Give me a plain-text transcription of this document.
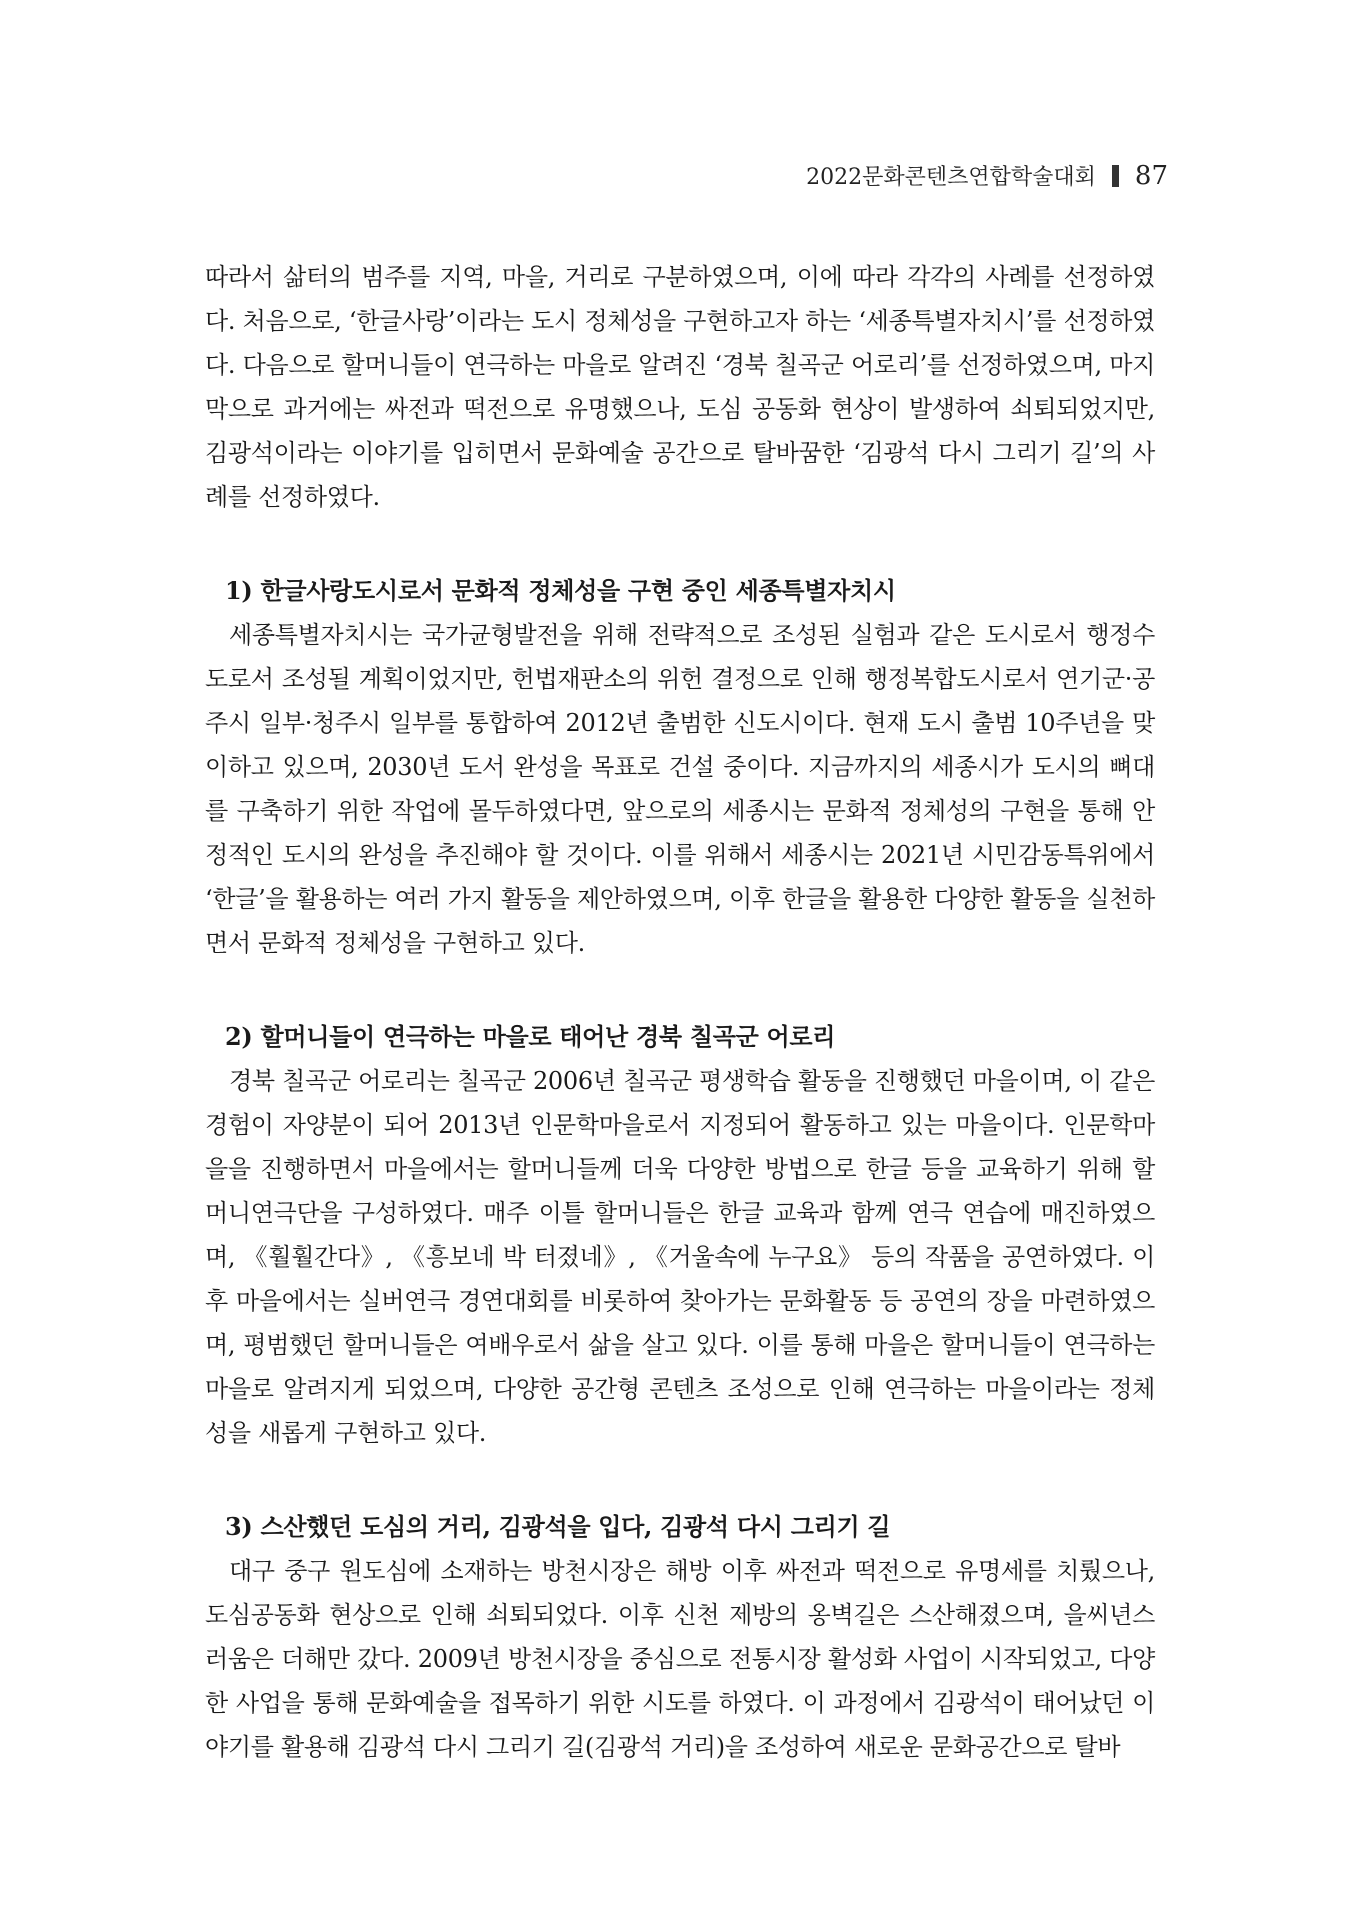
2022문화콘텐츠연합학술대회 87

따라서 삶터의 범주를 지역, 마을, 거리로 구분하였으며, 이에 따라 각각의 사례를 선정하였다. 처음으로, ‘한글사랑’이라는 도시 정체성을 구현하고자 하는 ‘세종특별자치시’를 선정하였다. 다음으로 할머니들이 연극하는 마을로 알려진 ‘경북 칠곡군 어로리’를 선정하였으며, 마지막으로 과거에는 싸전과 떡전으로 유명했으나, 도심 공동화 현상이 발생하여 쇠퇴되었지만, 김광석이라는 이야기를 입히면서 문화예술 공간으로 탈바꿈한 ‘김광석 다시 그리기 길’의 사례를 선정하였다.

1) 한글사랑도시로서 문화적 정체성을 구현 중인 세종특별자치시

세종특별자치시는 국가균형발전을 위해 전략적으로 조성된 실험과 같은 도시로서 행정수도로서 조성될 계획이었지만, 헌법재판소의 위헌 결정으로 인해 행정복합도시로서 연기군·공주시 일부·청주시 일부를 통합하여 2012년 출범한 신도시이다. 현재 도시 출범 10주년을 맞이하고 있으며, 2030년 도서 완성을 목표로 건설 중이다. 지금까지의 세종시가 도시의 뼈대를 구축하기 위한 작업에 몰두하였다면, 앞으로의 세종시는 문화적 정체성의 구현을 통해 안정적인 도시의 완성을 추진해야 할 것이다. 이를 위해서 세종시는 2021년 시민감동특위에서 ‘한글’을 활용하는 여러 가지 활동을 제안하였으며, 이후 한글을 활용한 다양한 활동을 실천하면서 문화적 정체성을 구현하고 있다.

2) 할머니들이 연극하는 마을로 태어난 경북 칠곡군 어로리

경북 칠곡군 어로리는 칠곡군 2006년 칠곡군 평생학습 활동을 진행했던 마을이며, 이 같은 경험이 자양분이 되어 2013년 인문학마을로서 지정되어 활동하고 있는 마을이다. 인문학마을을 진행하면서 마을에서는 할머니들께 더욱 다양한 방법으로 한글 등을 교육하기 위해 할머니연극단을 구성하였다. 매주 이틀 할머니들은 한글 교육과 함께 연극 연습에 매진하였으며, 《훨훨간다》, 《흥보네 박 터졌네》, 《거울속에 누구요》 등의 작품을 공연하였다. 이후 마을에서는 실버연극 경연대회를 비롯하여 찾아가는 문화활동 등 공연의 장을 마련하였으며, 평범했던 할머니들은 여배우로서 삶을 살고 있다. 이를 통해 마을은 할머니들이 연극하는 마을로 알려지게 되었으며, 다양한 공간형 콘텐츠 조성으로 인해 연극하는 마을이라는 정체성을 새롭게 구현하고 있다.

3) 스산했던 도심의 거리, 김광석을 입다, 김광석 다시 그리기 길

대구 중구 원도심에 소재하는 방천시장은 해방 이후 싸전과 떡전으로 유명세를 치뤘으나, 도심공동화 현상으로 인해 쇠퇴되었다. 이후 신천 제방의 옹벽길은 스산해졌으며, 을씨년스러움은 더해만 갔다. 2009년 방천시장을 중심으로 전통시장 활성화 사업이 시작되었고, 다양한 사업을 통해 문화예술을 접목하기 위한 시도를 하였다. 이 과정에서 김광석이 태어났던 이야기를 활용해 김광석 다시 그리기 길(김광석 거리)을 조성하여 새로운 문화공간으로 탈바
